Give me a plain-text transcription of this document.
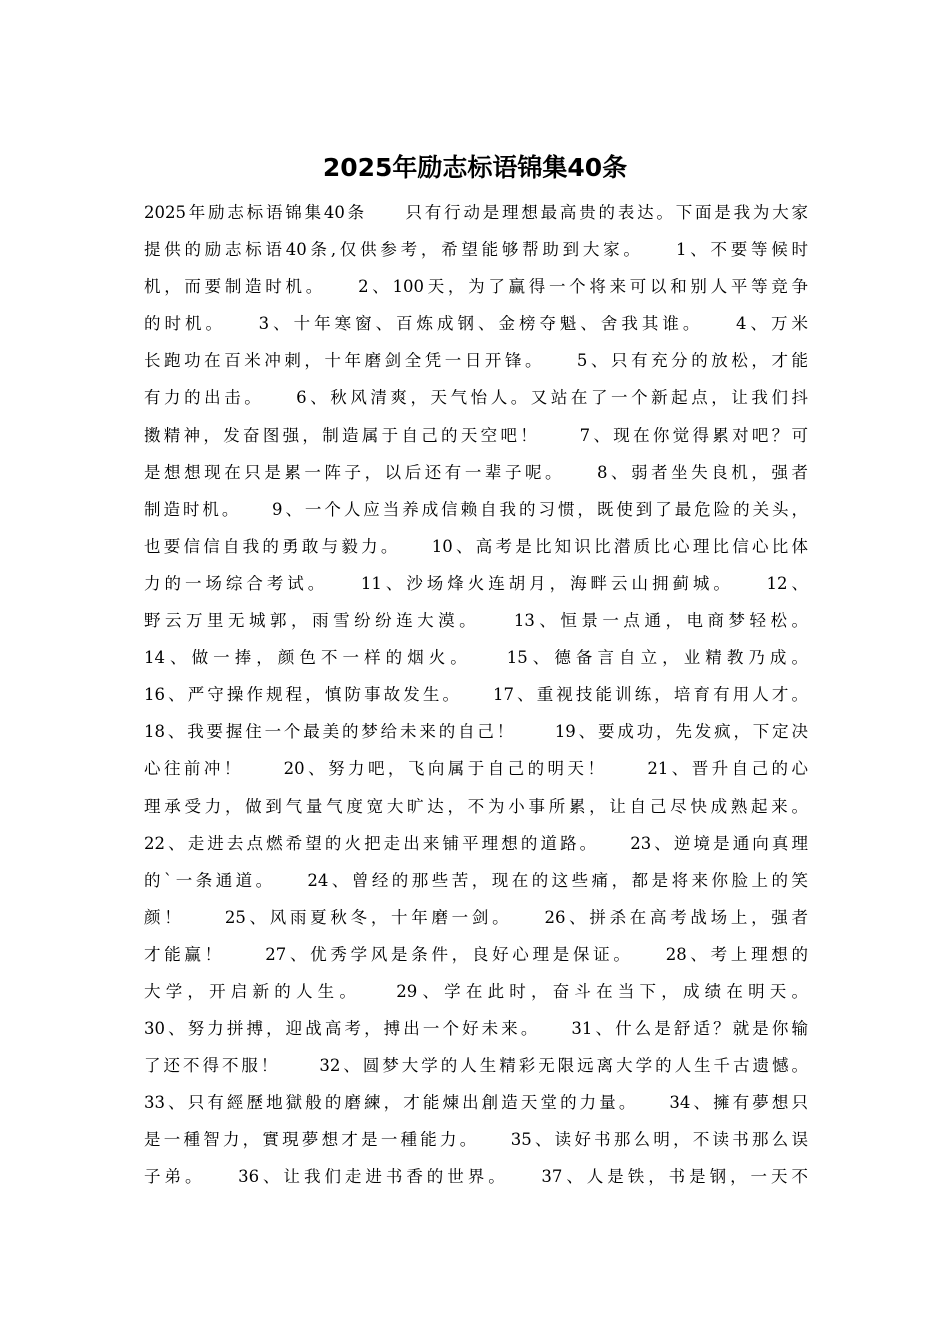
2025年励志标语锦集40条
2025年励志标语锦集40条　　只有行动是理想最高贵的表达。下面是我为大家
提供的励志标语40条,仅供参考，希望能够帮助到大家。　　1、不要等候时
机，而要制造时机。　　2、100天，为了赢得一个将来可以和别人平等竞争
的时机。　　3、十年寒窗、百炼成钢、金榜夺魁、舍我其谁。　　4、万米
长跑功在百米冲刺，十年磨剑全凭一日开锋。　　5、只有充分的放松，才能
有力的出击。　　6、秋风清爽，天气怡人。又站在了一个新起点，让我们抖
擞精神，发奋图强，制造属于自己的天空吧！　　7、现在你觉得累对吧？可
是想想现在只是累一阵子，以后还有一辈子呢。　　8、弱者坐失良机，强者
制造时机。　　9、一个人应当养成信赖自我的习惯，既使到了最危险的关头，
也要信信自我的勇敢与毅力。　　10、高考是比知识比潜质比心理比信心比体
力的一场综合考试。　　11、沙场烽火连胡月，海畔云山拥蓟城。　　12、
野云万里无城郭，雨雪纷纷连大漠。　　13、恒景一点通，电商梦轻松。
14、做一捧，颜色不一样的烟火。　　15、德备言自立，业精教乃成。
16、严守操作规程，慎防事故发生。　　17、重视技能训练，培育有用人才。
18、我要握住一个最美的梦给未来的自己！　　19、要成功，先发疯，下定决
心往前冲！　　20、努力吧，飞向属于自己的明天！　　21、晋升自己的心
理承受力，做到气量气度宽大旷达，不为小事所累，让自己尽快成熟起来。
22、走进去点燃希望的火把走出来铺平理想的道路。　　23、逆境是通向真理
的`一条通道。　　24、曾经的那些苦，现在的这些痛，都是将来你脸上的笑
颜！　　25、风雨夏秋冬，十年磨一剑。　　26、拼杀在高考战场上，强者
才能赢！　　27、优秀学风是条件，良好心理是保证。　　28、考上理想的
大学，开启新的人生。　　29、学在此时，奋斗在当下，成绩在明天。
30、努力拼搏，迎战高考，搏出一个好未来。　　31、什么是舒适？就是你输
了还不得不服！　　32、圆梦大学的人生精彩无限远离大学的人生千古遗憾。
33、只有經歷地獄般的磨練，才能煉出創造天堂的力量。　　34、擁有夢想只
是一種智力，實現夢想才是一種能力。　　35、读好书那么明，不读书那么误
子弟。　　36、让我们走进书香的世界。　　37、人是铁，书是钢，一天不
